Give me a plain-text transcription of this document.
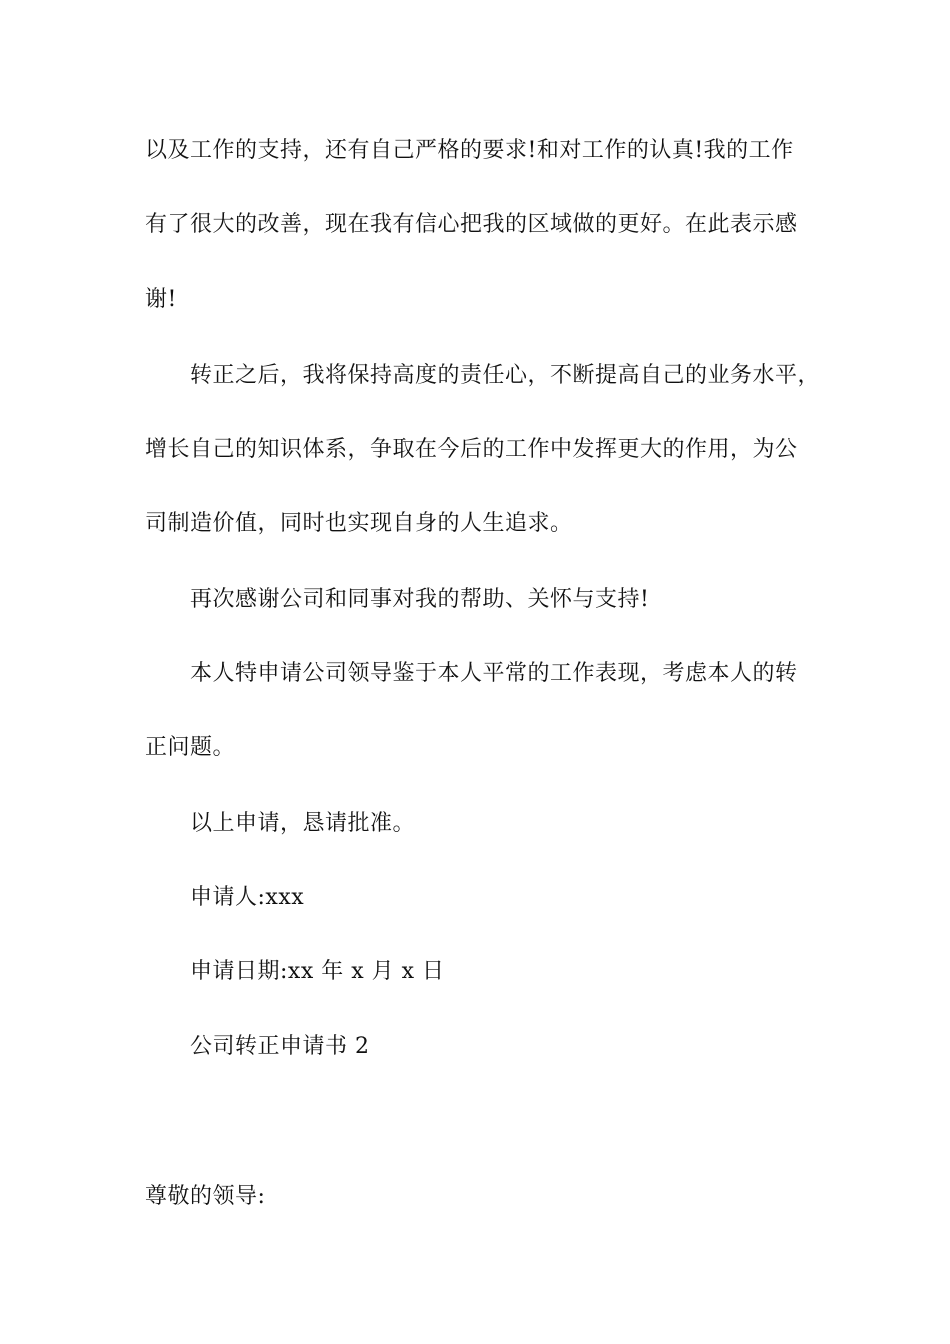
以及工作的支持，还有自己严格的要求!和对工作的认真!我的工作
有了很大的改善，现在我有信心把我的区域做的更好。在此表示感
谢!
转正之后，我将保持高度的责任心，不断提高自己的业务水平，
增长自己的知识体系，争取在今后的工作中发挥更大的作用，为公
司制造价值，同时也实现自身的人生追求。
再次感谢公司和同事对我的帮助、关怀与支持!
本人特申请公司领导鉴于本人平常的工作表现，考虑本人的转
正问题。
以上申请，恳请批准。
申请人:xxx
申请日期:xx 年 x 月 x 日
公司转正申请书 2
尊敬的领导:
